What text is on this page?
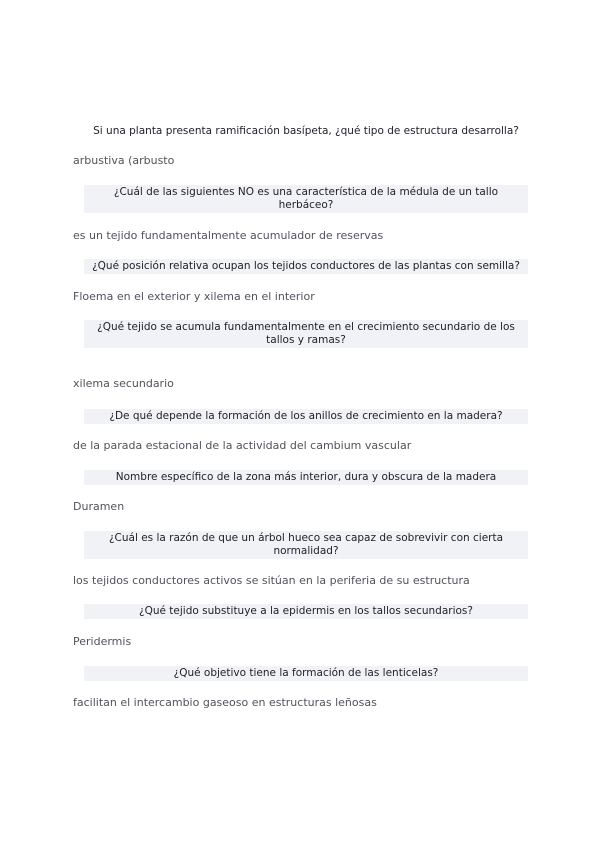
Si una planta presenta ramificación basípeta, ¿qué tipo de estructura desarrolla?
arbustiva (arbusto
¿Cuál de las siguientes NO es una característica de la médula de un tallo herbáceo?
es un tejido fundamentalmente acumulador de reservas
¿Qué posición relativa ocupan los tejidos conductores de las plantas con semilla?
Floema en el exterior y xilema en el interior
¿Qué tejido se acumula fundamentalmente en el crecimiento secundario de los tallos y ramas?
xilema secundario
¿De qué depende la formación de los anillos de crecimiento en la madera?
de la parada estacional de la actividad del cambium vascular
Nombre específico de la zona más interior, dura y obscura de la madera
Duramen
¿Cuál es la razón de que un árbol hueco sea capaz de sobrevivir con cierta normalidad?
los tejidos conductores activos se sitúan en la periferia de su estructura
¿Qué tejido substituye a la epidermis en los tallos secundarios?
Peridermis
¿Qué objetivo tiene la formación de las lenticelas?
facilitan el intercambio gaseoso en estructuras leñosas
